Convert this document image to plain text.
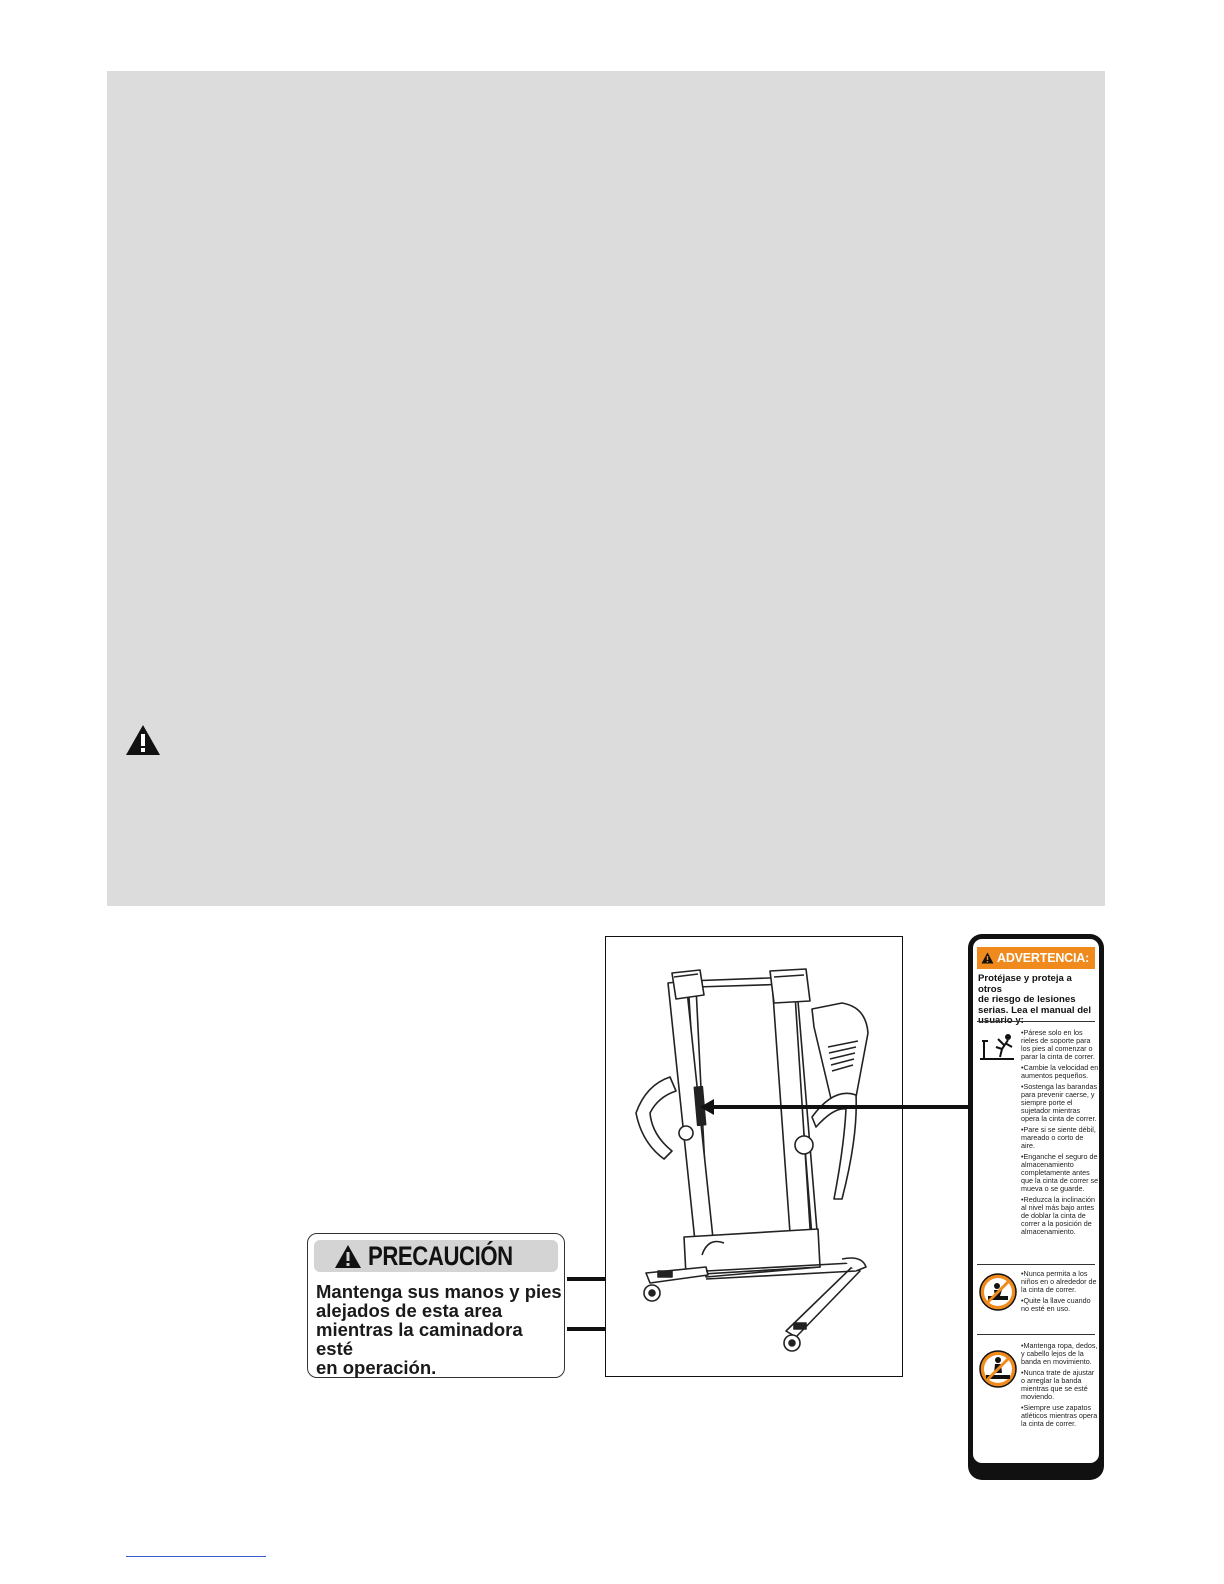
PRECAUCIÓN
Mantenga sus manos y pies
alejados de esta area
mientras la caminadora esté
en operación.
ADVERTENCIA:
Protéjase y proteja a otros
de riesgo de lesiones
serias. Lea el manual del
•Párese solo en los rieles de soporte para los pies al comenzar o parar la cinta de correr.
•Cambie la velocidad en aumentos pequeños.
•Sostenga las barandas para prevenir caerse, y siempre porte el sujetador mientras opera la cinta de correr.
•Pare si se siente débil, mareado o corto de aire.
•Enganche el seguro de almacenamiento completamente antes que la cinta de correr se mueva o se guarde.
•Reduzca la inclinación al nivel más bajo antes de doblar la cinta de correr a la posición de almacenamiento.
•Nunca permita a los niños en o alrededor de la cinta de correr.
•Quite la llave cuando no esté en uso.
•Mantenga ropa, dedos, y cabello lejos de la banda en movimiento.
•Nunca trate de ajustar o arreglar la banda mientras que se esté moviendo.
•Siempre use zapatos atléticos mientras opera la cinta de correr.
